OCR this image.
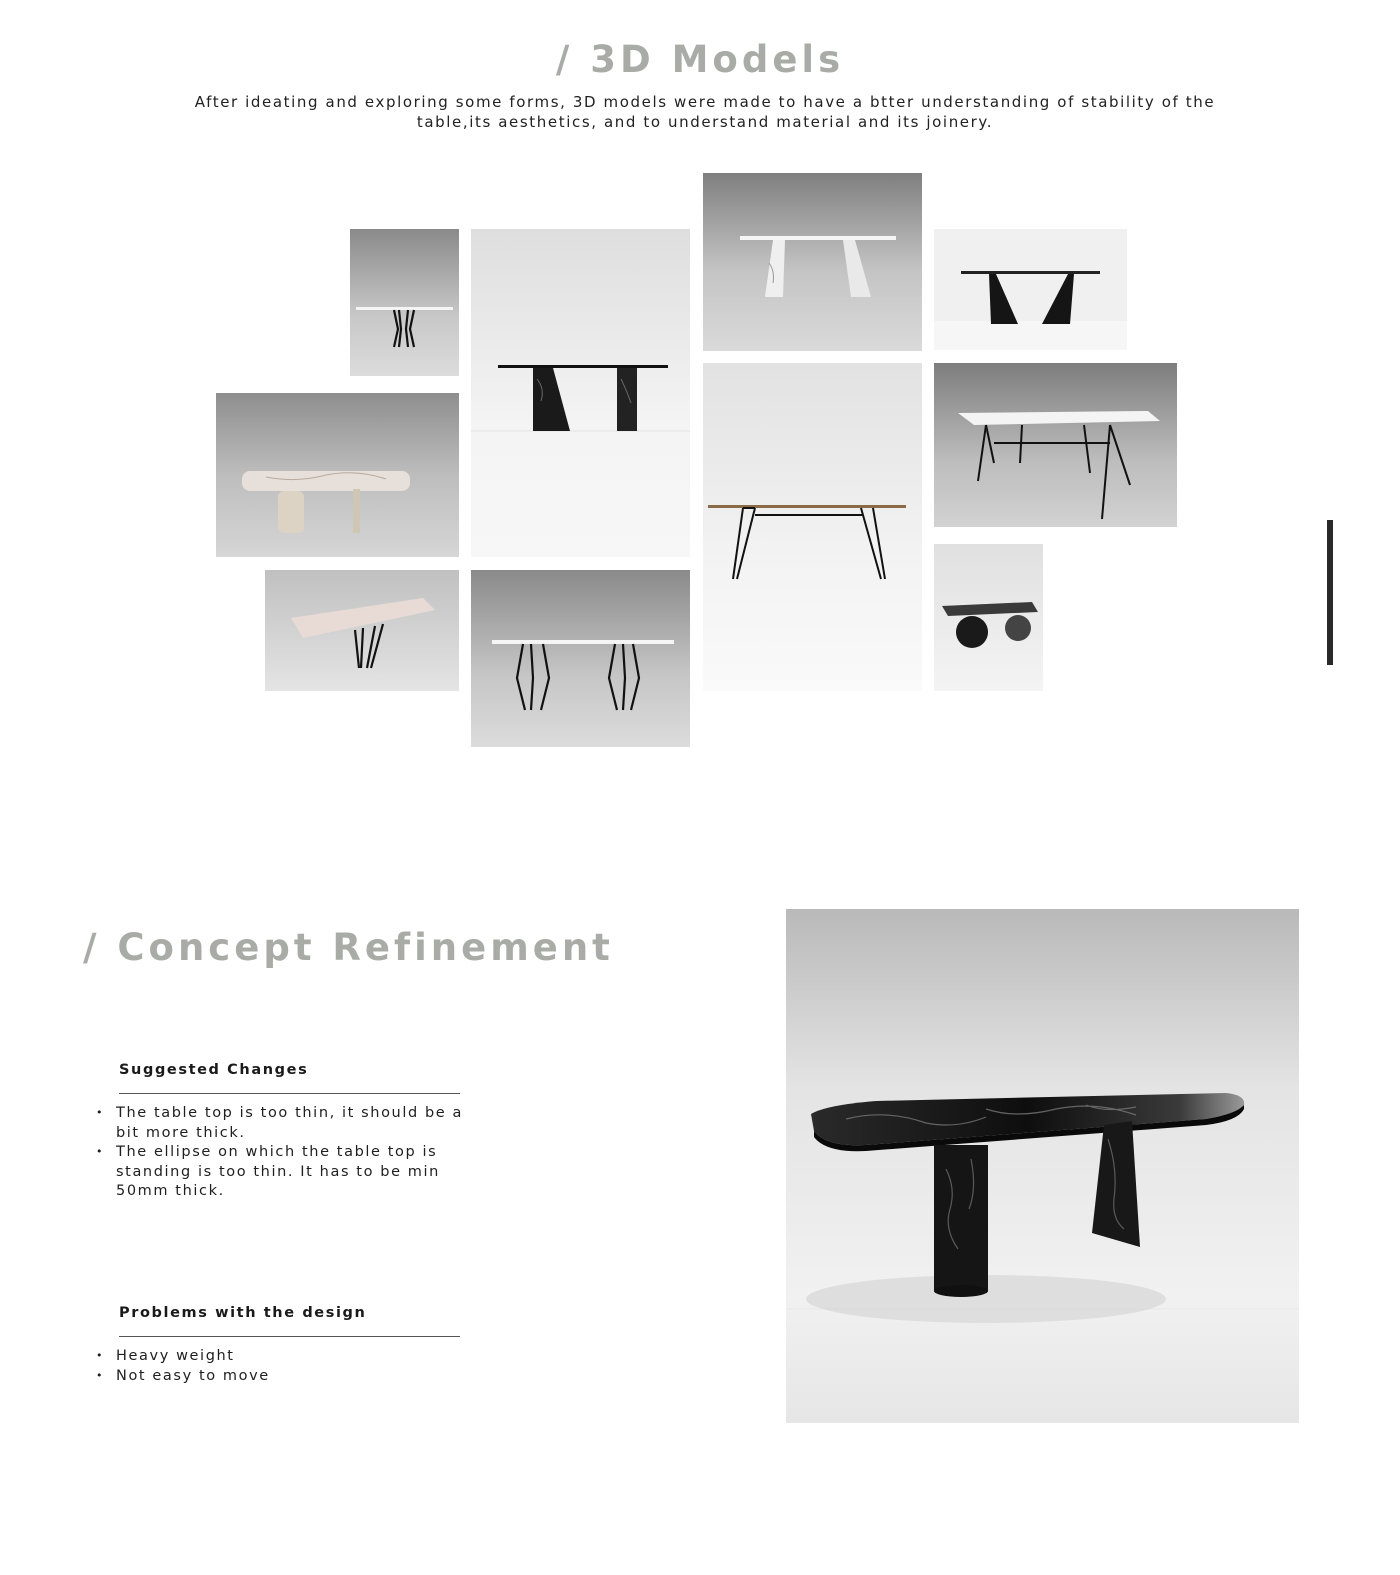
/ 3D Models

After ideating and exploring some forms, 3D models were made to have a btter understanding of stability of the table,its aesthetics, and to understand material and its joinery.

/ Concept Refinement
Suggested Changes
• The table top is too thin, it should be a bit more thick.
• The ellipse on which the table top is standing is too thin. It has to be min 50mm thick.
Problems with the design
• Heavy weight
• Not easy to move
